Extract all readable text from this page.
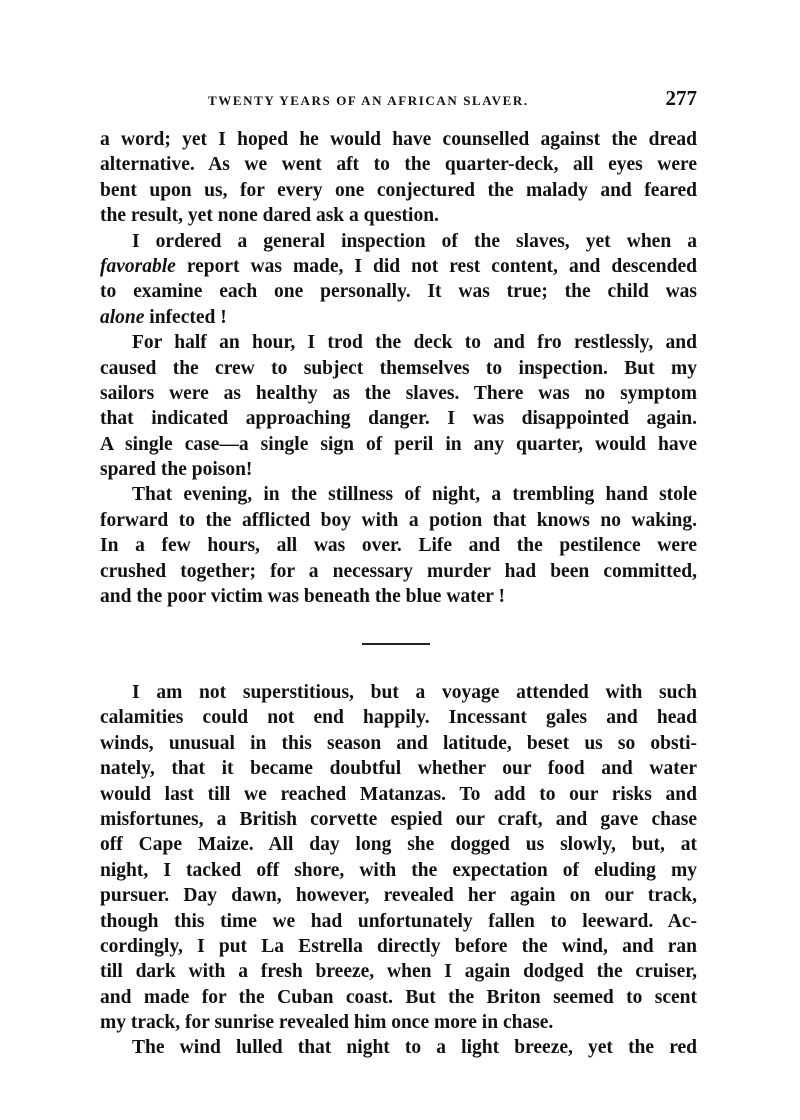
TWENTY YEARS OF AN AFRICAN SLAVER.	277
a word; yet I hoped he would have counselled against the dread
alternative. As we went aft to the quarter-deck, all eyes were
bent upon us, for every one conjectured the malady and feared
the result, yet none dared ask a question.
I ordered a general inspection of the slaves, yet when a
favorable report was made, I did not rest content, and descended
to examine each one personally. It was true; the child was
alone infected !
For half an hour, I trod the deck to and fro restlessly, and
caused the crew to subject themselves to inspection. But my
sailors were as healthy as the slaves. There was no symptom
that indicated approaching danger. I was disappointed again.
A single case—a single sign of peril in any quarter, would have
spared the poison!
That evening, in the stillness of night, a trembling hand stole
forward to the afflicted boy with a potion that knows no waking.
In a few hours, all was over. Life and the pestilence were
crushed together; for a necessary murder had been committed,
and the poor victim was beneath the blue water !
I am not superstitious, but a voyage attended with such
calamities could not end happily. Incessant gales and head
winds, unusual in this season and latitude, beset us so obsti-
nately, that it became doubtful whether our food and water
would last till we reached Matanzas. To add to our risks and
misfortunes, a British corvette espied our craft, and gave chase
off Cape Maize. All day long she dogged us slowly, but, at
night, I tacked off shore, with the expectation of eluding my
pursuer. Day dawn, however, revealed her again on our track,
though this time we had unfortunately fallen to leeward. Ac-
cordingly, I put La Estrella directly before the wind, and ran
till dark with a fresh breeze, when I again dodged the cruiser,
and made for the Cuban coast. But the Briton seemed to scent
my track, for sunrise revealed him once more in chase.
The wind lulled that night to a light breeze, yet the red
